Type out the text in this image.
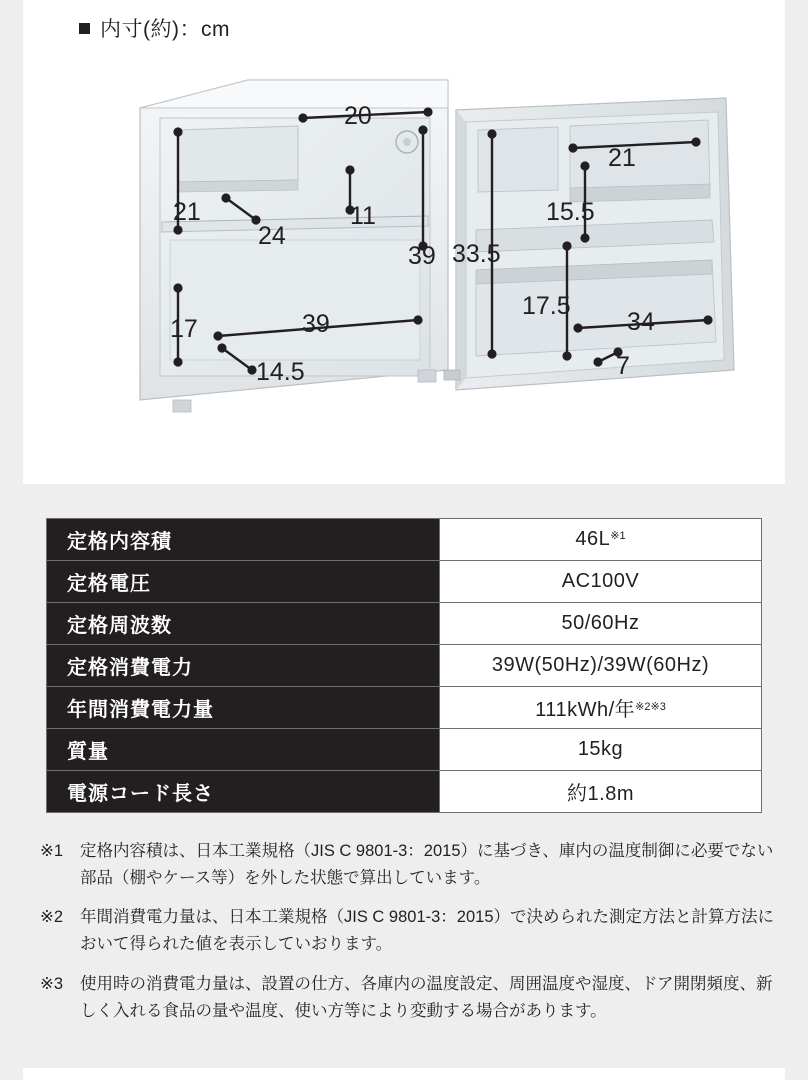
内寸(約)：cm
20
21
21
24
11	15.5
39 33.5
17.5
17	39	34
14.5	7
定格内容積	$46L^{※1}$
定格電圧	AC100V
定格周波数	50/60Hz
定格消費電力	39W(50Hz)/39W(60Hz)
年間消費電力量	111kWh/年$^{※2※3}$
質量	15kg
電源コード長さ	約1.8m
※1	定格内容積は、日本工業規格（JIS C 9801-3：2015）に基づき、庫内の温度制御に必要でない部品（棚やケース等）を外した状態で算出しています。
※2	年間消費電力量は、日本工業規格（JIS C 9801-3：2015）で決められた測定方法と計算方法において得られた値を表示していおります。
※3	使用時の消費電力量は、設置の仕方、各庫内の温度設定、周囲温度や湿度、ドア開閉頻度、新しく入れる食品の量や温度、使い方等により変動する場合があります。
